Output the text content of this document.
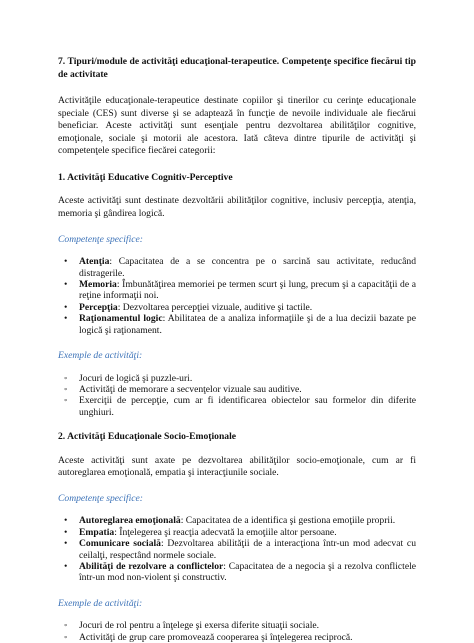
7. Tipuri/module de activităţi educaţional-terapeutice. Competenţe specifice fiecărui tip de activitate

Activităţile educaţionale-terapeutice destinate copiilor şi tinerilor cu cerinţe educaţionale speciale (CES) sunt diverse şi se adaptează în funcţie de nevoile individuale ale fiecărui beneficiar. Aceste activităţi sunt esenţiale pentru dezvoltarea abilităţilor cognitive, emoţionale, sociale şi motorii ale acestora. Iată câteva dintre tipurile de activităţi şi competenţele specifice fiecărei categorii:

1. Activităţi Educative Cognitiv-Perceptive

Aceste activităţi sunt destinate dezvoltării abilităţilor cognitive, inclusiv percepţia, atenţia, memoria şi gândirea logică.

Competenţe specifice:
• Atenţia: Capacitatea de a se concentra pe o sarcină sau activitate, reducând distragerile.
• Memoria: Îmbunătăţirea memoriei pe termen scurt şi lung, precum şi a capacităţii de a reţine informaţii noi.
• Percepţia: Dezvoltarea percepţiei vizuale, auditive şi tactile.
• Raţionamentul logic: Abilitatea de a analiza informaţiile şi de a lua decizii bazate pe logică şi raţionament.
Exemple de activităţi:
◦ Jocuri de logică şi puzzle-uri.
◦ Activităţi de memorare a secvenţelor vizuale sau auditive.
◦ Exerciţii de percepţie, cum ar fi identificarea obiectelor sau formelor din diferite unghiuri.
2. Activităţi Educaţionale Socio-Emoţionale

Aceste activităţi sunt axate pe dezvoltarea abilităţilor socio-emoţionale, cum ar fi autoreglarea emoţională, empatia şi interacţiunile sociale.

Competenţe specifice:
• Autoreglarea emoţională: Capacitatea de a identifica şi gestiona emoţiile proprii.
• Empatia: Înţelegerea şi reacţia adecvată la emoţiile altor persoane.
• Comunicare socială: Dezvoltarea abilităţii de a interacţiona într-un mod adecvat cu ceilalţi, respectând normele sociale.
• Abilităţi de rezolvare a conflictelor: Capacitatea de a negocia şi a rezolva conflictele într-un mod non-violent şi constructiv.
Exemple de activităţi:
◦ Jocuri de rol pentru a înţelege şi exersa diferite situaţii sociale.
◦ Activităţi de grup care promovează cooperarea şi înţelegerea reciprocă.
